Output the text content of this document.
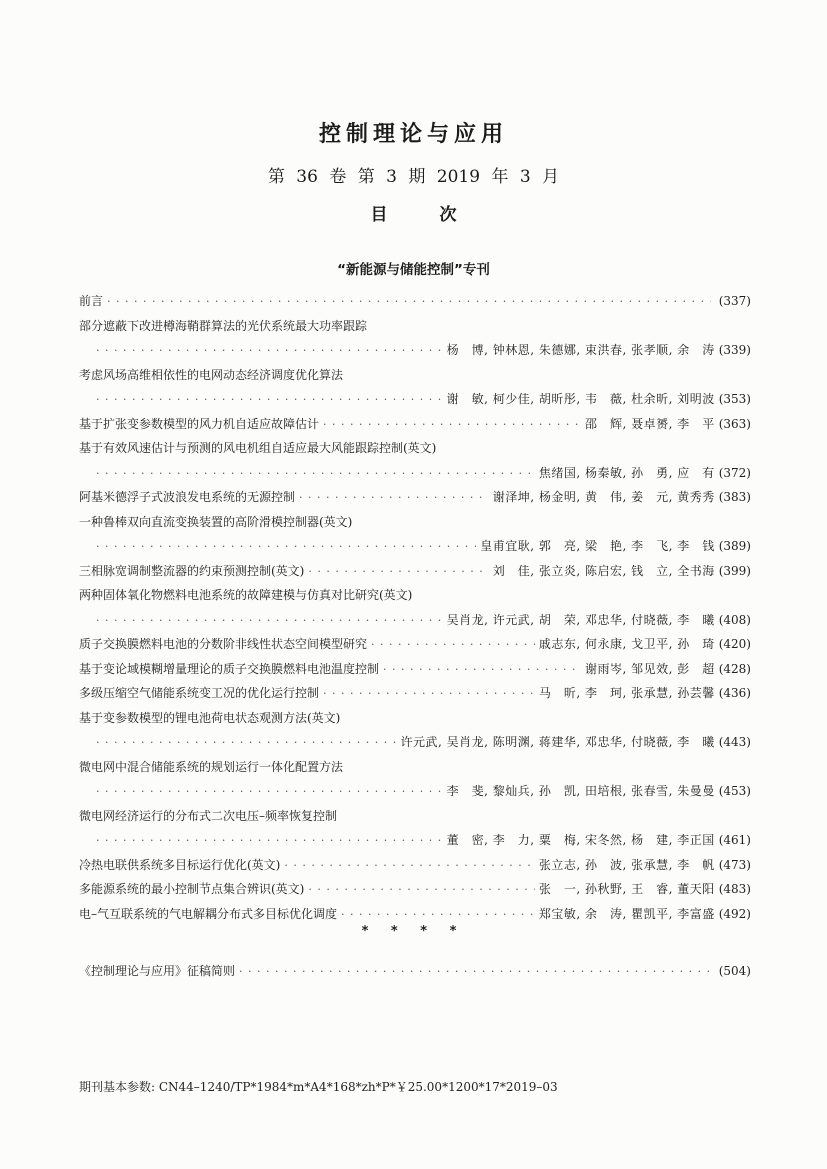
控制理论与应用
第 36 卷 第 3 期 2019 年 3 月
目	次
“新能源与储能控制”专刊
前言 · · ·	(337)
部分遮蔽下改进樽海鞘群算法的光伏系统最大功率跟踪
· · ·
杨　博, 钟林恩, 朱德娜, 束洪春, 张孝顺, 余　涛 (339)
考虑风场高维相依性的电网动态经济调度优化算法
· · ·
谢　敏, 柯少佳, 胡昕彤, 韦　薇, 杜余昕, 刘明波 (353)
基于扩张变参数模型的风力机自适应故障估计 · · ·	邵　辉, 聂卓赟, 李　平 (363)
基于有效风速估计与预测的风电机组自适应最大风能跟踪控制(英文)
· · ·
焦绪国, 杨秦敏, 孙　勇, 应　有 (372)
阿基米德浮子式波浪发电系统的无源控制 · · ·	谢泽坤, 杨金明, 黄　伟, 姜　元, 黄秀秀 (383)
一种鲁棒双向直流变换装置的高阶滑模控制器(英文)
· · ·
皇甫宜耿, 郭　亮, 梁　艳, 李　飞, 李　钱 (389)
三相脉宽调制整流器的约束预测控制(英文) · · ·	刘　佳, 张立炎, 陈启宏, 钱　立, 全书海 (399)
两种固体氧化物燃料电池系统的故障建模与仿真对比研究(英文)
· · ·
吴肖龙, 许元武, 胡　荣, 邓忠华, 付晓薇, 李　曦 (408)
质子交换膜燃料电池的分数阶非线性状态空间模型研究 · · ·	戚志东, 何永康, 戈卫平, 孙　琦 (420)
基于变论域模糊增量理论的质子交换膜燃料电池温度控制 · · ·	谢雨岑, 邹见效, 彭　超 (428)
多级压缩空气储能系统变工况的优化运行控制 · · ·	马　昕, 李　珂, 张承慧, 孙芸馨 (436)
基于变参数模型的锂电池荷电状态观测方法(英文)
· · ·
许元武, 吴肖龙, 陈明渊, 蒋建华, 邓忠华, 付晓薇, 李　曦 (443)
微电网中混合储能系统的规划运行一体化配置方法
· · ·
李　斐, 黎灿兵, 孙　凯, 田培根, 张春雪, 朱曼曼 (453)
微电网经济运行的分布式二次电压–频率恢复控制
· · ·
董　密, 李　力, 粟　梅, 宋冬然, 杨　建, 李正国 (461)
冷热电联供系统多目标运行优化(英文) · · ·	张立志, 孙　波, 张承慧, 李　帆 (473)
多能源系统的最小控制节点集合辨识(英文) · · ·	张　一, 孙秋野, 王　睿, 董天阳 (483)
电–气互联系统的气电解耦分布式多目标优化调度 · · ·	郑宝敏, 余　涛, 瞿凯平, 李富盛 (492)
* * * *
《控制理论与应用》征稿简则 · · ·	(504)
期刊基本参数: CN44–1240/TP*1984*m*A4*168*zh*P*￥25.00*1200*17*2019–03
